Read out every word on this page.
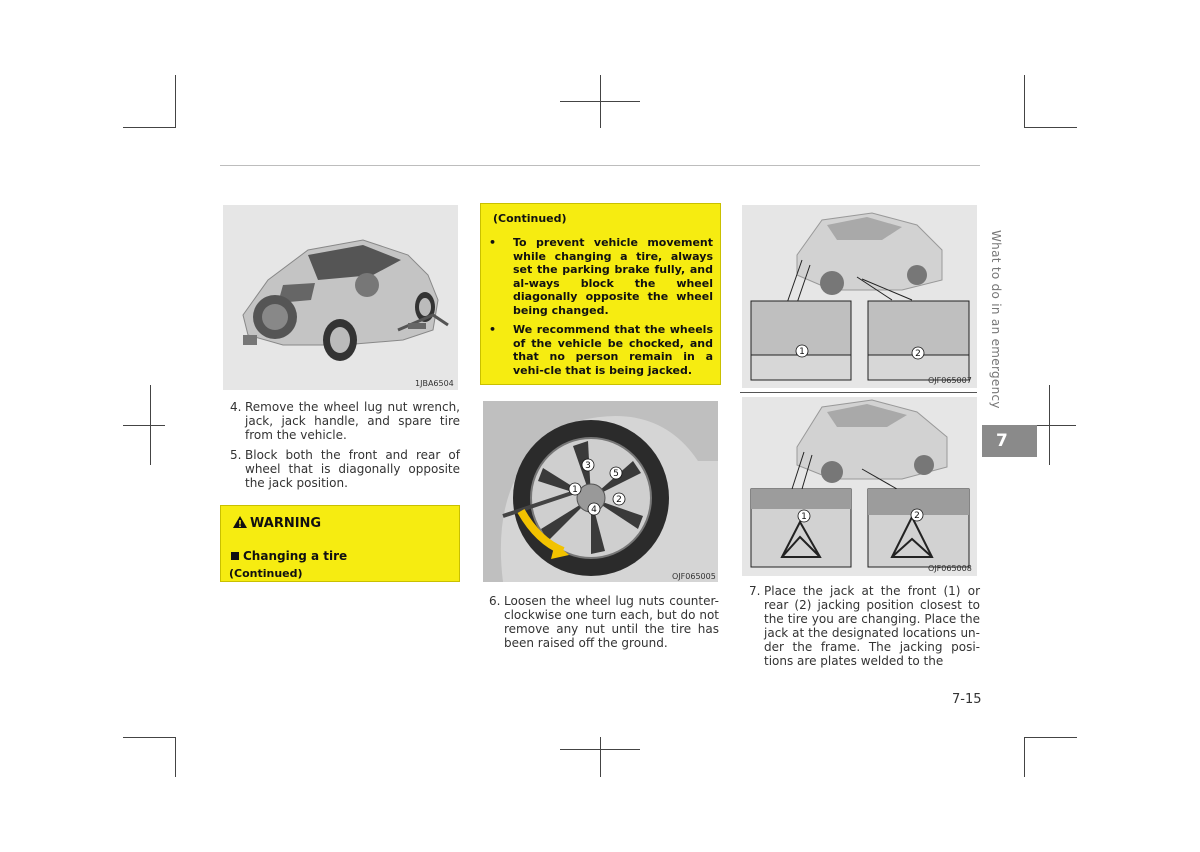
1JBA6504
4. Remove the wheel lug nut wrench, jack, jack handle, and spare tire from the vehicle.
5. Block both the front and rear of wheel that is diagonally opposite the jack position.
WARNING
Changing a tire
(Continued)
(Continued)
• To prevent vehicle movement while changing a tire, always set the parking brake fully, and al-ways block the wheel diagonally opposite the wheel being changed.
• We recommend that the wheels of the vehicle be chocked, and that no person remain in a vehi-cle that is being jacked.
1
2
3
4
5
OJF065005
6. Loosen the wheel lug nuts counter-clockwise one turn each, but do not remove any nut until the tire has been raised off the ground.
1	2
OJF065007
1	2
OJF065008
7. Place the jack at the front (1) or rear (2) jacking position closest to the tire you are changing. Place the jack at the designated locations un-der the frame. The jacking posi-tions are plates welded to the
What to do in an emergency
7
7-15
